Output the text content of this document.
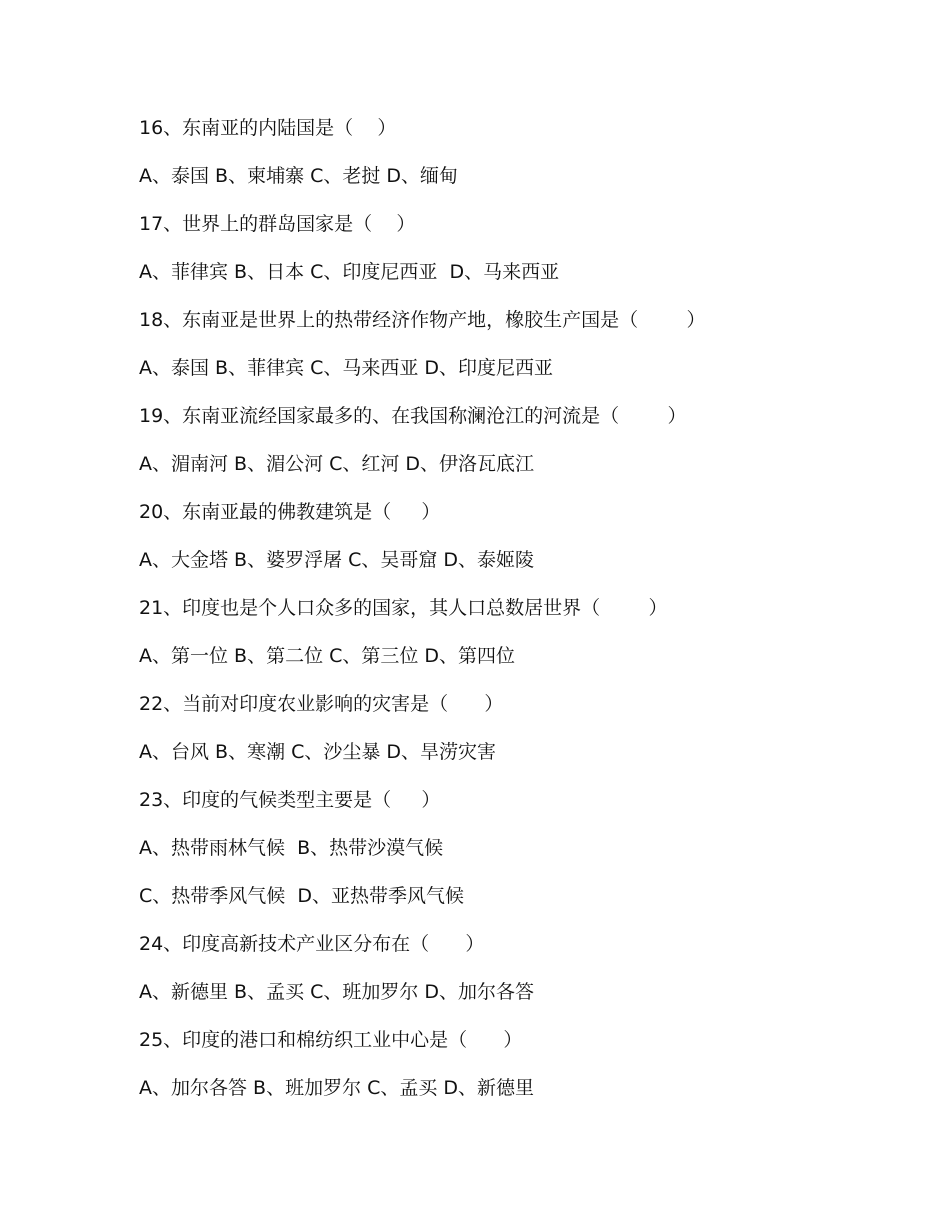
16、东南亚的内陆国是（    ）

A、泰国 B、柬埔寨 C、老挝 D、缅甸

17、世界上的群岛国家是（    ）

A、菲律宾 B、日本 C、印度尼西亚  D、马来西亚

18、东南亚是世界上的热带经济作物产地，橡胶生产国是（        ）

A、泰国 B、菲律宾 C、马来西亚 D、印度尼西亚

19、东南亚流经国家最多的、在我国称澜沧江的河流是（        ）

A、湄南河 B、湄公河 C、红河 D、伊洛瓦底江

20、东南亚最的佛教建筑是（     ）

A、大金塔 B、婆罗浮屠 C、吴哥窟 D、泰姬陵

21、印度也是个人口众多的国家，其人口总数居世界（        ）

A、第一位 B、第二位 C、第三位 D、第四位

22、当前对印度农业影响的灾害是（      ）

A、台风 B、寒潮 C、沙尘暴 D、旱涝灾害

23、印度的气候类型主要是（     ）

A、热带雨林气候  B、热带沙漠气候

C、热带季风气候  D、亚热带季风气候

24、印度高新技术产业区分布在（      ）

A、新德里 B、孟买 C、班加罗尔 D、加尔各答

25、印度的港口和棉纺织工业中心是（      ）

A、加尔各答 B、班加罗尔 C、孟买 D、新德里
